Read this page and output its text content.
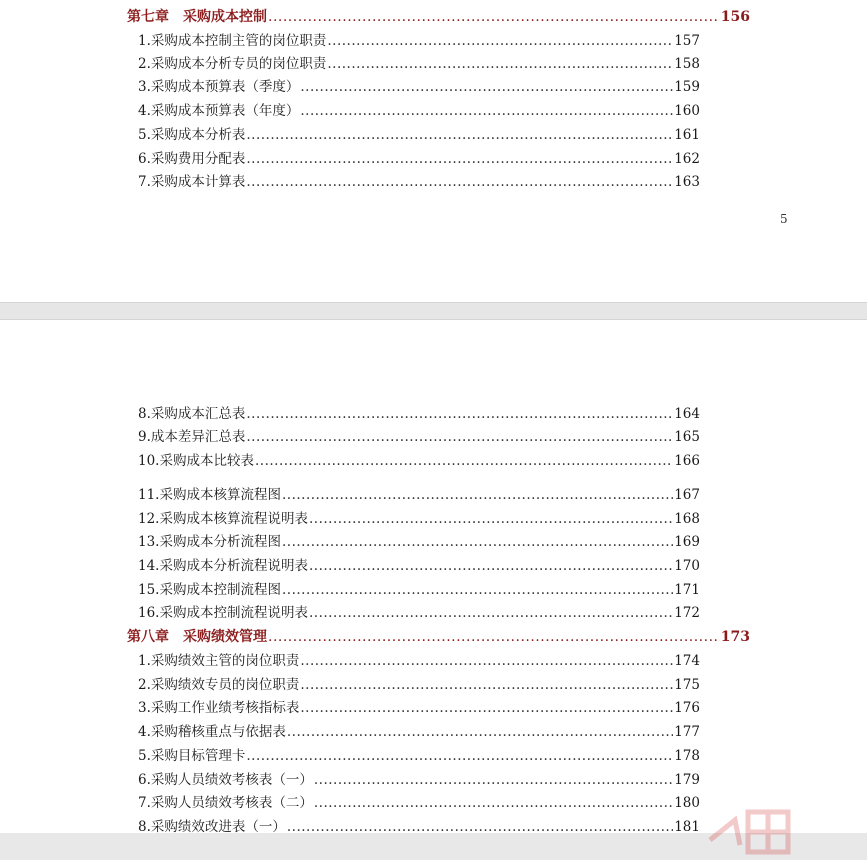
第七章 采购成本控制 .....	156
1.采购成本控制主管的岗位职责 .....	157
2.采购成本分析专员的岗位职责 .....	158
3.采购成本预算表（季度） .....	159
4.采购成本预算表（年度） .....	160
5.采购成本分析表 .....	161
6.采购费用分配表 .....	162
7.采购成本计算表 .....	163
5
8.采购成本汇总表 .....	164
9.成本差异汇总表 .....	165
10.采购成本比较表 .....	166
11.采购成本核算流程图 .....	167
12.采购成本核算流程说明表 .....	168
13.采购成本分析流程图 .....	169
14.采购成本分析流程说明表 .....	170
15.采购成本控制流程图 .....	171
16.采购成本控制流程说明表 .....	172
第八章 采购绩效管理 .....	173
1.采购绩效主管的岗位职责 .....	174
2.采购绩效专员的岗位职责 .....	175
3.采购工作业绩考核指标表 .....	176
4.采购稽核重点与依据表 .....	177
5.采购目标管理卡 .....	178
6.采购人员绩效考核表（一） .....	179
7.采购人员绩效考核表（二） .....	180
8.采购绩效改进表（一） .....	181
